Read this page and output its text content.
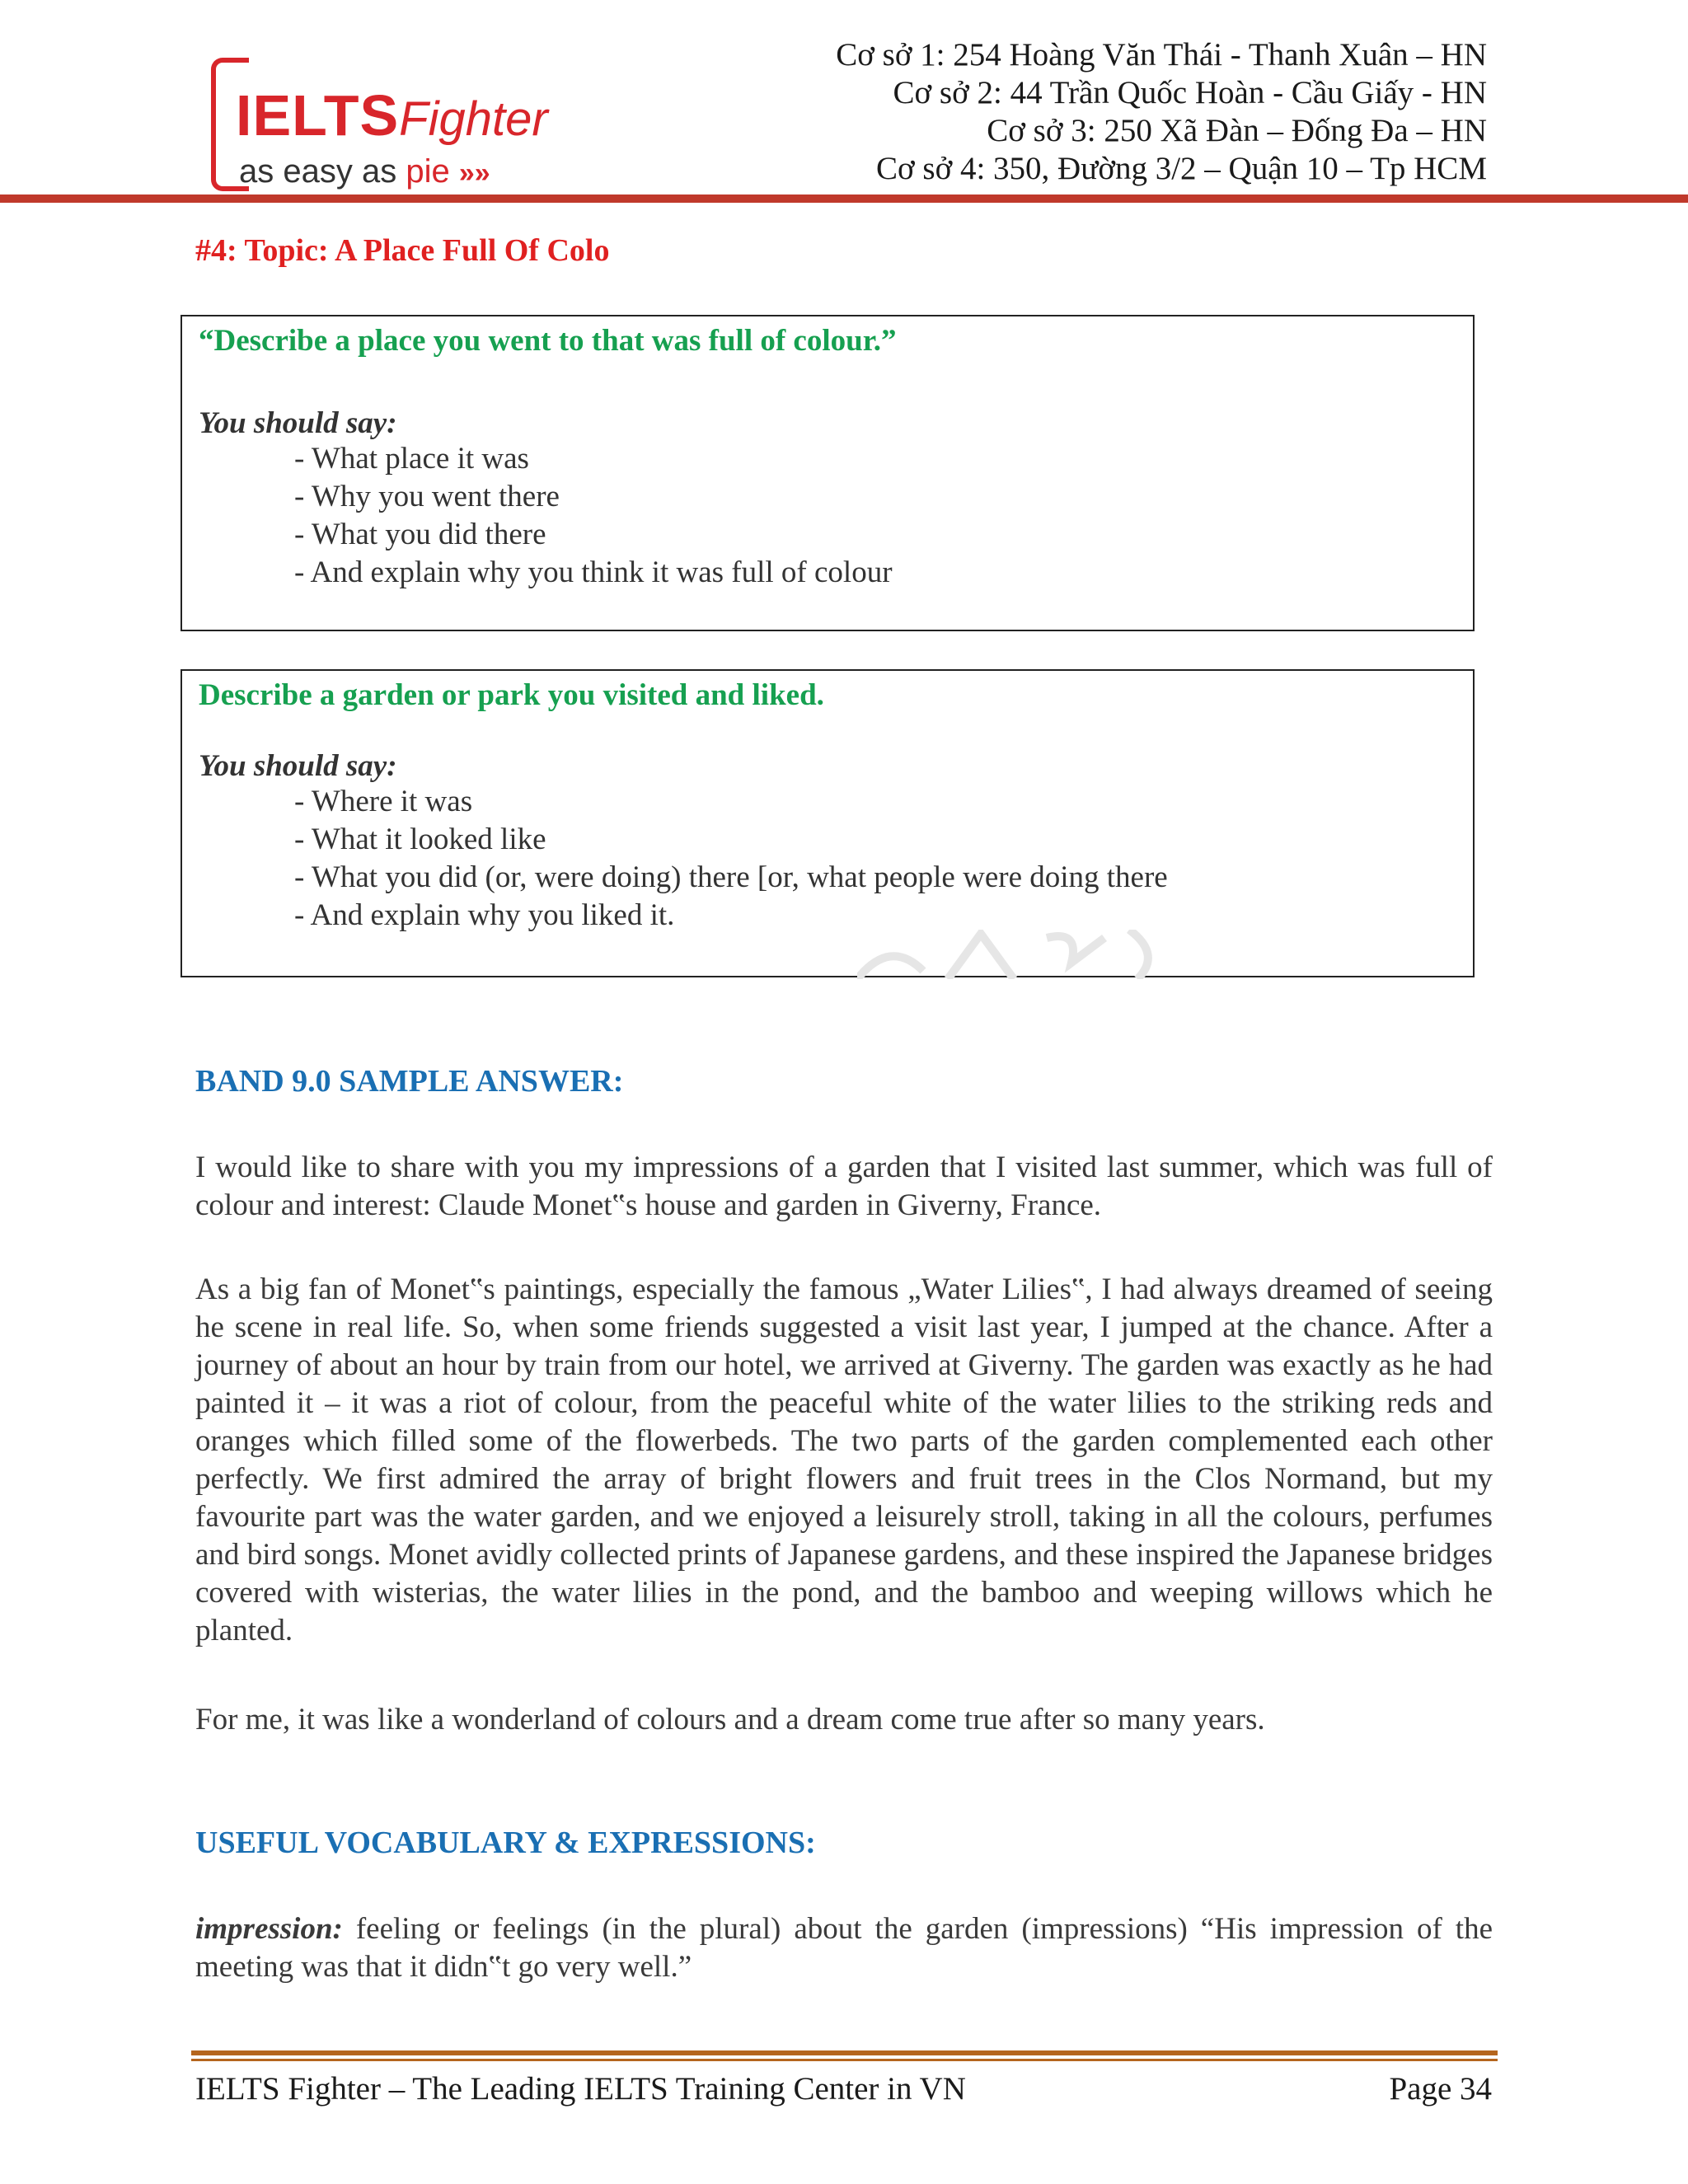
IELTSFighter
as easy as pie »»
Cơ sở 1: 254 Hoàng Văn Thái - Thanh Xuân – HN
Cơ sở 2: 44 Trần Quốc Hoàn - Cầu Giấy - HN
Cơ sở 3: 250 Xã Đàn – Đống Đa – HN
Cơ sở 4: 350, Đường 3/2 – Quận 10 – Tp HCM
#4: Topic: A Place Full Of Colo
“Describe a place you went to that was full of colour.”
You should say:
- What place it was
- Why you went there
- What you did there
- And explain why you think it was full of colour
Describe a garden or park you visited and liked.
You should say:
- Where it was
- What it looked like
- What you did (or, were doing) there [or, what people were doing there
- And explain why you liked it.
BAND 9.0 SAMPLE ANSWER:
I would like to share with you my impressions of a garden that I visited last summer, which was full of colour and interest: Claude Monet‟s house and garden in Giverny, France.
As a big fan of Monet‟s paintings, especially the famous „Water Lilies‟, I had always dreamed of seeing he scene in real life. So, when some friends suggested a visit last year, I jumped at the chance. After a journey of about an hour by train from our hotel, we arrived at Giverny. The garden was exactly as he had painted it – it was a riot of colour, from the peaceful white of the water lilies to the striking reds and oranges which filled some of the flowerbeds. The two parts of the garden complemented each other perfectly. We first admired the array of bright flowers and fruit trees in the Clos Normand, but my favourite part was the water garden, and we enjoyed a leisurely stroll, taking in all the colours, perfumes and bird songs. Monet avidly collected prints of Japanese gardens, and these inspired the Japanese bridges covered with wisterias, the water lilies in the pond, and the bamboo and weeping willows which he planted.
For me, it was like a wonderland of colours and a dream come true after so many years.
USEFUL VOCABULARY & EXPRESSIONS:
impression: feeling or feelings (in the plural) about the garden (impressions) “His impression of the meeting was that it didn‟t go very well.”
IELTS Fighter – The Leading IELTS Training Center in VN	Page 34
